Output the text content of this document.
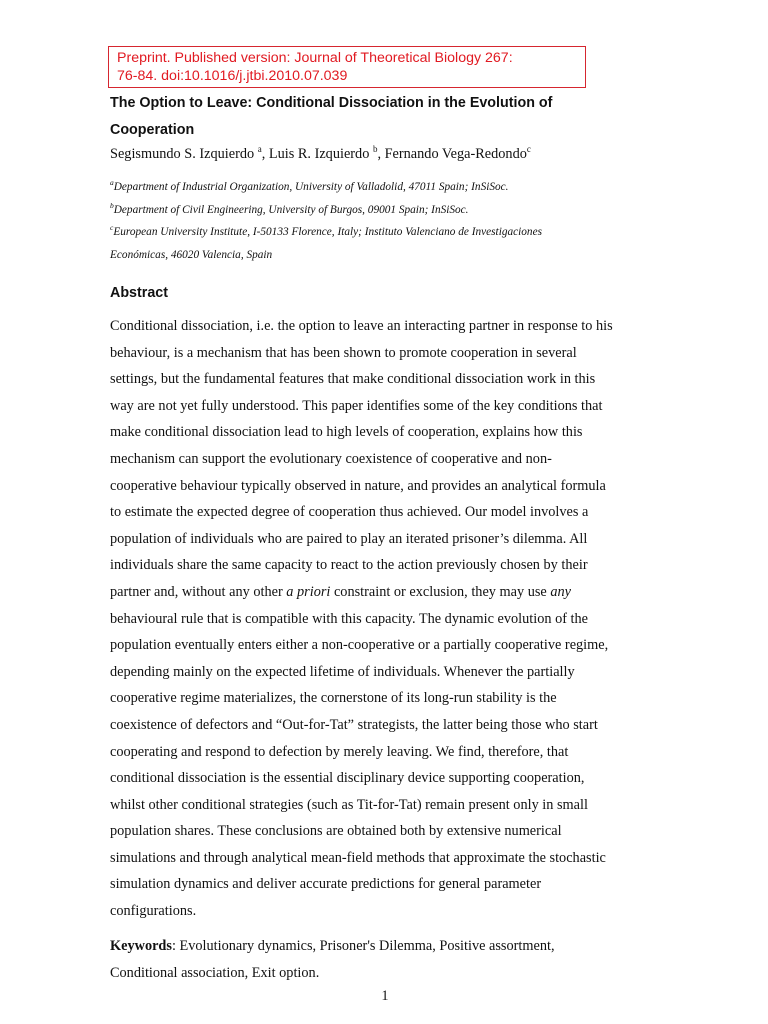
Preprint. Published version: Journal of Theoretical Biology 267:
76-84. doi:10.1016/j.jtbi.2010.07.039
The Option to Leave: Conditional Dissociation in the Evolution of
Cooperation
Segismundo S. Izquierdo $^a$, Luis R. Izquierdo $^b$, Fernando Vega-Redondo$^c$
$^a$Department of Industrial Organization, University of Valladolid, 47011 Spain; InSiSoc.
$^b$Department of Civil Engineering, University of Burgos, 09001 Spain; InSiSoc.
$^c$European University Institute, I-50133 Florence, Italy; Instituto Valenciano de Investigaciones
Económicas, 46020 Valencia, Spain
Abstract
Conditional dissociation, i.e. the option to leave an interacting partner in response to his
behaviour, is a mechanism that has been shown to promote cooperation in several
settings, but the fundamental features that make conditional dissociation work in this
way are not yet fully understood. This paper identifies some of the key conditions that
make conditional dissociation lead to high levels of cooperation, explains how this
mechanism can support the evolutionary coexistence of cooperative and non-
cooperative behaviour typically observed in nature, and provides an analytical formula
to estimate the expected degree of cooperation thus achieved. Our model involves a
population of individuals who are paired to play an iterated prisoner’s dilemma. All
individuals share the same capacity to react to the action previously chosen by their
partner and, without any other a priori constraint or exclusion, they may use any
behavioural rule that is compatible with this capacity. The dynamic evolution of the
population eventually enters either a non-cooperative or a partially cooperative regime,
depending mainly on the expected lifetime of individuals. Whenever the partially
cooperative regime materializes, the cornerstone of its long-run stability is the
coexistence of defectors and “Out-for-Tat” strategists, the latter being those who start
cooperating and respond to defection by merely leaving. We find, therefore, that
conditional dissociation is the essential disciplinary device supporting cooperation,
whilst other conditional strategies (such as Tit-for-Tat) remain present only in small
population shares. These conclusions are obtained both by extensive numerical
simulations and through analytical mean-field methods that approximate the stochastic
simulation dynamics and deliver accurate predictions for general parameter
configurations.
Keywords: Evolutionary dynamics, Prisoner's Dilemma, Positive assortment,
Conditional association, Exit option.
1
